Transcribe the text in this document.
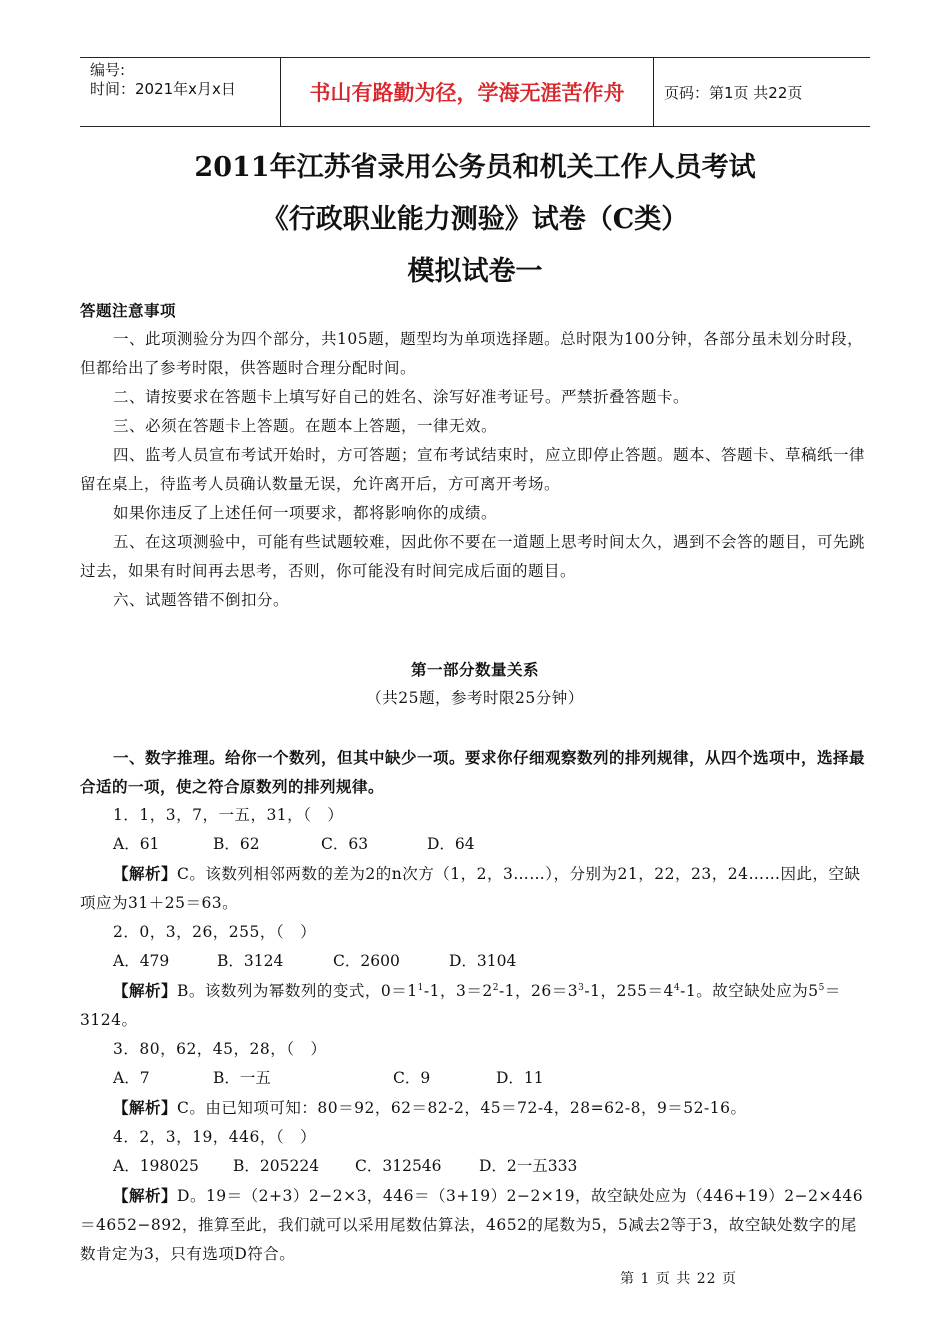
编号:
时间：2021年x月x日	书山有路勤为径，学海无涯苦作舟	页码：第1页 共22页
2011年江苏省录用公务员和机关工作人员考试
《行政职业能力测验》试卷（C类）
模拟试卷一

答题注意事项

一、此项测验分为四个部分，共105题，题型均为单项选择题。总时限为100分钟，各部分虽未划分时段，但都给出了参考时限，供答题时合理分配时间。

二、请按要求在答题卡上填写好自己的姓名、涂写好准考证号。严禁折叠答题卡。

三、必须在答题卡上答题。在题本上答题，一律无效。

四、监考人员宣布考试开始时，方可答题；宣布考试结束时，应立即停止答题。题本、答题卡、草稿纸一律留在桌上，待监考人员确认数量无误，允许离开后，方可离开考场。

如果你违反了上述任何一项要求，都将影响你的成绩。

五、在这项测验中，可能有些试题较难，因此你不要在一道题上思考时间太久，遇到不会答的题目，可先跳过去，如果有时间再去思考，否则，你可能没有时间完成后面的题目。

六、试题答错不倒扣分。

第一部分数量关系

（共25题，参考时限25分钟）

一、数字推理。给你一个数列，但其中缺少一项。要求你仔细观察数列的排列规律，从四个选项中，选择最合适的一项，使之符合原数列的排列规律。

1．1，3，7，一五，31，（　）

A．61	B．62	C．63	D．64

【解析】C。该数列相邻两数的差为2的n次方（1，2，3……），分别为21，22，23，24……因此，空缺项应为31＋25＝63。

2．0，3，26，255，（　）

A．479	B．3124	C．2600	D．3104

【解析】B。该数列为幂数列的变式，$0=1^1-1$，$3=2^2-1$，$26=3^3-1$，$255=4^4-1$。故空缺处应为$5^5=3124$。

3．80，62，45，28，（　）

A．7	B．一五	C．9	D．11

【解析】C。由已知项可知：80＝92，62＝82-2，45＝72-4，28=62-8，9＝52-16。

4．2，3，19，446，（　）

A．198025	B．205224	C．312546	D．2一五333

【解析】D。19＝（2+3）2−2×3，446＝（3+19）2−2×19，故空缺处应为（446+19）2−2×446＝4652−892，推算至此，我们就可以采用尾数估算法，4652的尾数为5，5减去2等于3，故空缺处数字的尾数肯定为3，只有选项D符合。

第 1 页 共 22 页
